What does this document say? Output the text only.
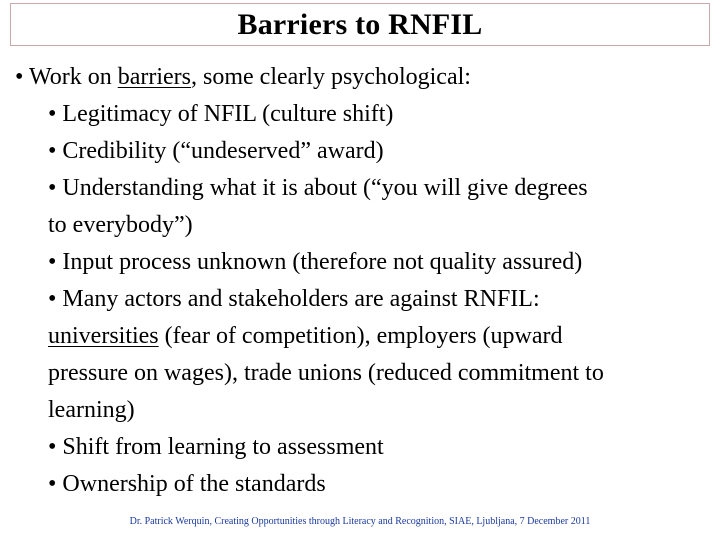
Barriers to RNFIL
• Work on barriers, some clearly psychological:
• Legitimacy of NFIL (culture shift)
• Credibility (“undeserved” award)
• Understanding what it is about (“you will give degrees
to everybody”)
• Input process unknown (therefore not quality assured)
• Many actors and stakeholders are against RNFIL:
universities (fear of competition), employers (upward
pressure on wages), trade unions (reduced commitment to
learning)
• Shift from learning to assessment
• Ownership of the standards
Dr. Patrick Werquin, Creating Opportunities through Literacy and Recognition, SIAE, Ljubljana, 7 December 2011
